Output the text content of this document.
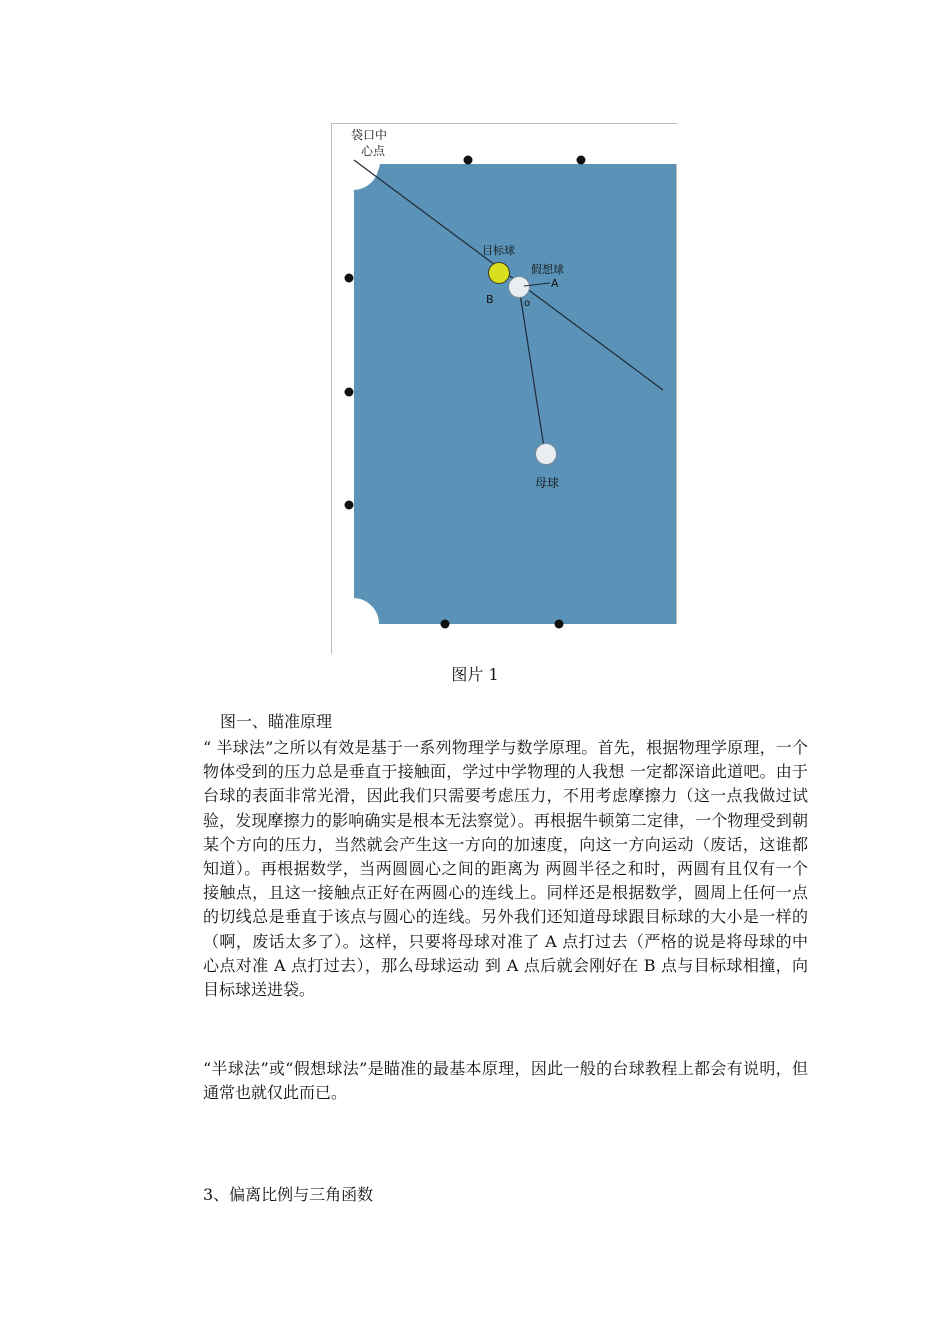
袋口中
心点
目标球
假想球
A
B	o
母球
图片 1
图一、瞄准原理

“ 半球法”之所以有效是基于一系列物理学与数学原理。首先，根据物理学原理，一个物体受到的压力总是垂直于接触面，学过中学物理的人我想 一定都深谙此道吧。由于台球的表面非常光滑，因此我们只需要考虑压力，不用考虑摩擦力（这一点我做过试验，发现摩擦力的影响确实是根本无法察觉）。再根据牛顿第二定律，一个物理受到朝某个方向的压力，当然就会产生这一方向的加速度，向这一方向运动（废话，这谁都知道）。再根据数学，当两圆圆心之间的距离为 两圆半径之和时，两圆有且仅有一个接触点，且这一接触点正好在两圆心的连线上。同样还是根据数学，圆周上任何一点的切线总是垂直于该点与圆心的连线。另外我们还知道母球跟目标球的大小是一样的（啊，废话太多了）。这样，只要将母球对准了 A 点打过去（严格的说是将母球的中心点对准 A 点打过去），那么母球运动 到 A 点后就会刚好在 B 点与目标球相撞，向目标球送进袋。

“半球法”或“假想球法”是瞄准的最基本原理，因此一般的台球教程上都会有说明，但通常也就仅此而已。

3、偏离比例与三角函数
